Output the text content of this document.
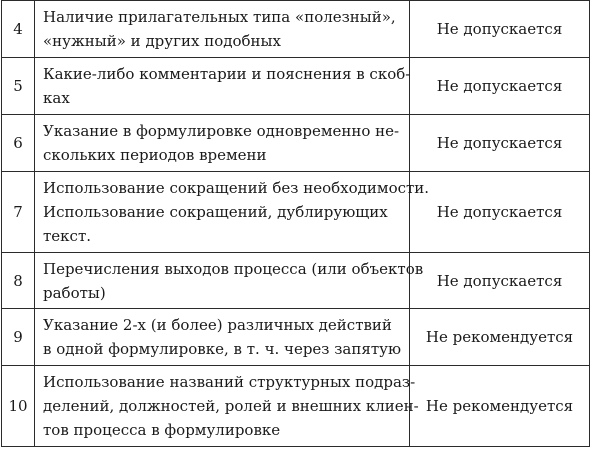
4	Наличие прилагательных типа «полезный»,
«нужный» и других подобных	Не допускается
5	Какие-либо комментарии и пояснения в скоб-
ках	Не допускается
6	Указание в формулировке одновременно не-
скольких периодов времени	Не допускается
7	Использование сокращений без необходимости.
Использование сокращений, дублирующих
текст.	Не допускается
8	Перечисления выходов процесса (или объектов
работы)	Не допускается
9	Указание 2-х (и более) различных действий
в одной формулировке, в т. ч. через запятую	Не рекомендуется
10	Использование названий структурных подраз-
делений, должностей, ролей и внешних клиен-
тов процесса в формулировке	Не рекомендуется
